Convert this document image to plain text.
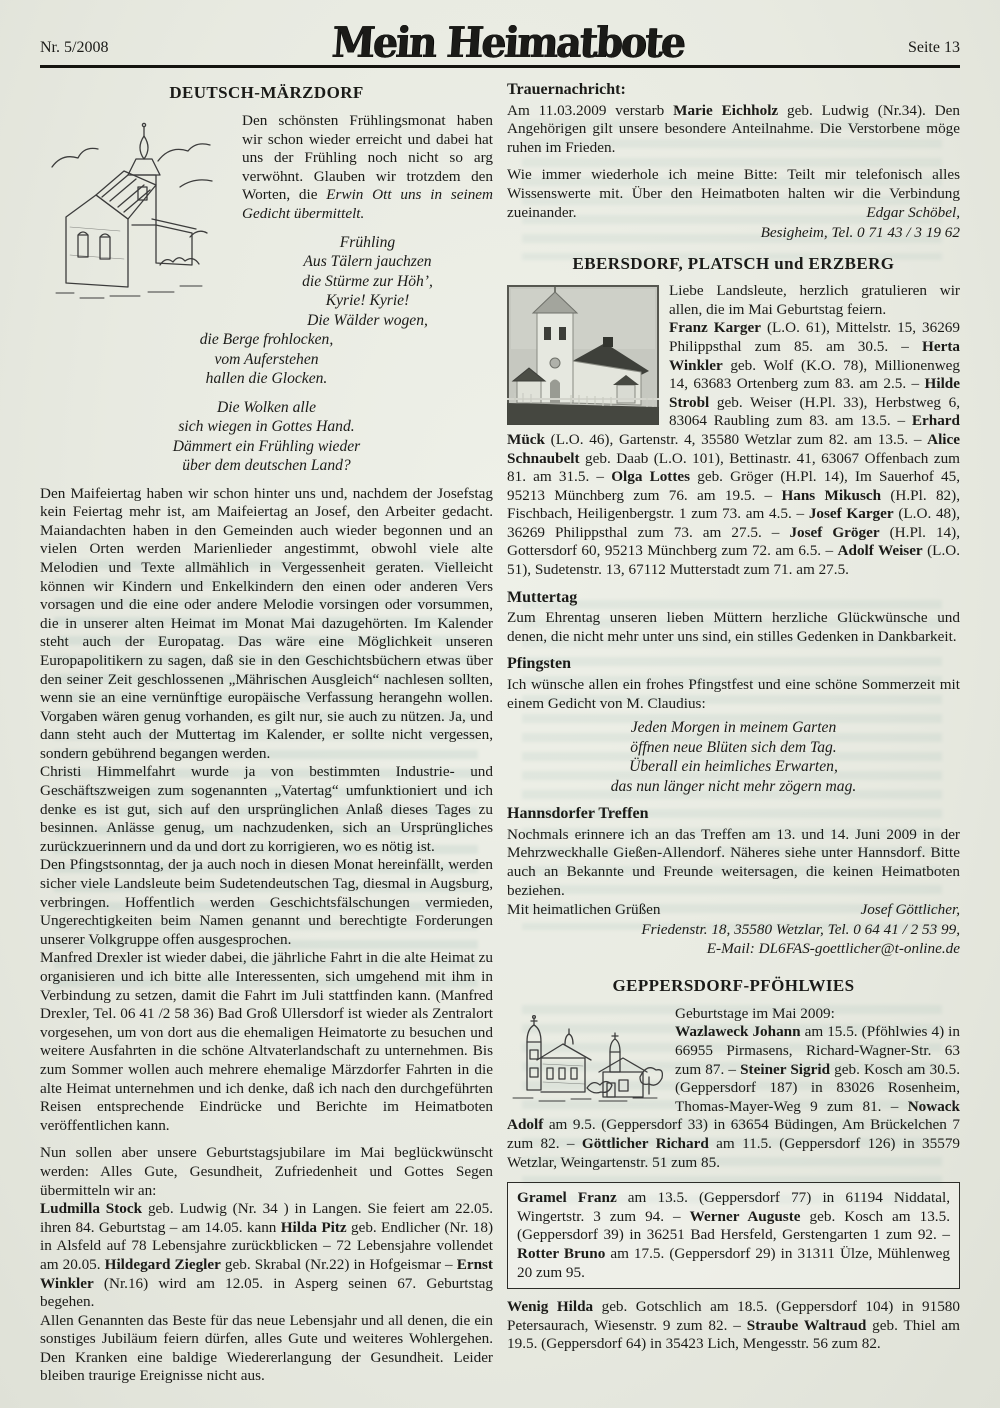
Nr. 5/2008	Mein Heimatbote	Seite 13
DEUTSCH-MÄRZDORF

Den schönsten Frühlingsmonat haben wir schon wieder erreicht und dabei hat uns der Frühling noch nicht so arg verwöhnt. Glauben wir trotzdem den Worten, die Erwin Ott uns in seinem Gedicht übermittelt.

Frühling
Aus Tälern jauchzen
die Stürme zur Höh’,
Kyrie! Kyrie!
Die Wälder wogen,
die Berge frohlocken,
vom Auferstehen
hallen die Glocken.
Die Wolken alle
sich wiegen in Gottes Hand.
Dämmert ein Frühling wieder
über dem deutschen Land?

Den Maifeiertag haben wir schon hinter uns und, nachdem der Josefstag kein Feiertag mehr ist, am Maifeiertag an Josef, den Arbeiter gedacht. Maiandachten haben in den Gemeinden auch wieder begonnen und an vielen Orten werden Marienlieder angestimmt, obwohl viele alte Melodien und Texte allmählich in Vergessenheit geraten. Vielleicht können wir Kindern und Enkelkindern den einen oder anderen Vers vorsagen und die eine oder andere Melodie vorsingen oder vorsummen, die in unserer alten Heimat im Monat Mai dazugehörten. Im Kalender steht auch der Europatag. Das wäre eine Möglichkeit unseren Europapolitikern zu sagen, daß sie in den Geschichtsbüchern etwas über den seiner Zeit geschlossenen „Mährischen Ausgleich“ nachlesen sollten, wenn sie an eine vernünftige europäische Verfassung herangehn wollen. Vorgaben wären genug vorhanden, es gilt nur, sie auch zu nützen. Ja, und dann steht auch der Muttertag im Kalender, er sollte nicht vergessen, sondern gebührend begangen werden.

Christi Himmelfahrt wurde ja von bestimmten Industrie- und Geschäftszweigen zum sogenannten „Vatertag“ umfunktioniert und ich denke es ist gut, sich auf den ursprünglichen Anlaß dieses Tages zu besinnen. Anlässe genug, um nachzudenken, sich an Ursprüngliches zurückzuerinnern und da und dort zu korrigieren, wo es nötig ist.

Den Pfingstsonntag, der ja auch noch in diesen Monat hereinfällt, werden sicher viele Landsleute beim Sudetendeutschen Tag, diesmal in Augsburg, verbringen. Hoffentlich werden Geschichtsfälschungen vermieden, Ungerechtigkeiten beim Namen genannt und berechtigte Forderungen unserer Volkgruppe offen ausgesprochen.

Manfred Drexler ist wieder dabei, die jährliche Fahrt in die alte Heimat zu organisieren und ich bitte alle Interessenten, sich umgehend mit ihm in Verbindung zu setzen, damit die Fahrt im Juli stattfinden kann. (Manfred Drexler, Tel. 06 41 /2 58 36) Bad Groß Ullersdorf ist wieder als Zentralort vorgesehen, um von dort aus die ehemaligen Heimatorte zu besuchen und weitere Ausfahrten in die schöne Altvaterlandschaft zu unternehmen. Bis zum Sommer wollen auch mehrere ehemalige Märzdorfer Fahrten in die alte Heimat unternehmen und ich denke, daß ich nach den durchgeführten Reisen entsprechende Eindrücke und Berichte im Heimatboten veröffentlichen kann.

Nun sollen aber unsere Geburtstagsjubilare im Mai beglückwünscht werden: Alles Gute, Gesundheit, Zufriedenheit und Gottes Segen übermitteln wir an:

Ludmilla Stock geb. Ludwig (Nr. 34 ) in Langen. Sie feiert am 22.05. ihren 84. Geburtstag – am 14.05. kann Hilda Pitz geb. Endlicher (Nr. 18) in Alsfeld auf 78 Lebensjahre zurückblicken – 72 Lebensjahre vollendet am 20.05. Hildegard Ziegler geb. Skrabal (Nr.22) in Hofgeismar – Ernst Winkler (Nr.16) wird am 12.05. in Asperg seinen 67. Geburtstag begehen.

Allen Genannten das Beste für das neue Lebensjahr und all denen, die ein sonstiges Jubiläum feiern dürfen, alles Gute und weiteres Wohlergehen. Den Kranken eine baldige Wiedererlangung der Gesundheit. Leider bleiben traurige Ereignisse nicht aus.

Trauernachricht:

Am 11.03.2009 verstarb Marie Eichholz geb. Ludwig (Nr.34). Den Angehörigen gilt unsere besondere Anteilnahme. Die Verstorbene möge ruhen im Frieden.

Wie immer wiederhole ich meine Bitte: Teilt mir telefonisch alles Wissenswerte mit. Über den Heimatboten halten wir die Verbindung zueinander.	Edgar Schöbel,
Besigheim, Tel. 0 71 43 / 3 19 62
EBERSDORF, PLATSCH und ERZBERG

Liebe Landsleute, herzlich gratulieren wir allen, die im Mai Geburtstag feiern.

Franz Karger (L.O. 61), Mittelstr. 15, 36269 Philippsthal zum 85. am 30.5. – Herta Winkler geb. Wolf (K.O. 78), Millionenweg 14, 63683 Ortenberg zum 83. am 2.5. – Hilde Strobl geb. Weiser (H.Pl. 33), Herbstweg 6, 83064 Raubling zum 83. am 13.5. – Erhard Mück (L.O. 46), Gartenstr. 4, 35580 Wetzlar zum 82. am 13.5. – Alice Schnaubelt geb. Daab (L.O. 101), Bettinastr. 41, 63067 Offenbach zum 81. am 31.5. – Olga Lottes geb. Gröger (H.Pl. 14), Im Sauerhof 45, 95213 Münchberg zum 76. am 19.5. – Hans Mikusch (H.Pl. 82), Fischbach, Heiligenbergstr. 1 zum 73. am 4.5. – Josef Karger (L.O. 48), 36269 Philippsthal zum 73. am 27.5. – Josef Gröger (H.Pl. 14), Gottersdorf 60, 95213 Münchberg zum 72. am 6.5. – Adolf Weiser (L.O. 51), Sudetenstr. 13, 67112 Mutterstadt zum 71. am 27.5.

Muttertag

Zum Ehrentag unseren lieben Müttern herzliche Glückwünsche und denen, die nicht mehr unter uns sind, ein stilles Gedenken in Dankbarkeit.

Pfingsten

Ich wünsche allen ein frohes Pfingstfest und eine schöne Sommerzeit mit einem Gedicht von M. Claudius:

Jeden Morgen in meinem Garten
öffnen neue Blüten sich dem Tag.
Überall ein heimliches Erwarten,
das nun länger nicht mehr zögern mag.
Hannsdorfer Treffen

Nochmals erinnere ich an das Treffen am 13. und 14. Juni 2009 in der Mehrzweckhalle Gießen-Allendorf. Näheres siehe unter Hannsdorf. Bitte auch an Bekannte und Freunde weitersagen, die keinen Heimatboten beziehen.

Mit heimatlichen Grüßen	Josef Göttlicher,
Friedenstr. 18, 35580 Wetzlar, Tel. 0 64 41 / 2 53 99,
E-Mail: DL6FAS-goettlicher@t-online.de
GEPPERSDORF-PFÖHLWIES

Geburtstage im Mai 2009:

Wazlaweck Johann am 15.5. (Pföhlwies 4) in 66955 Pirmasens, Richard-Wagner-Str. 63 zum 87. – Steiner Sigrid geb. Kosch am 30.5. (Geppersdorf 187) in 83026 Rosenheim, Thomas-Mayer-Weg 9 zum 81. – Nowack Adolf am 9.5. (Geppersdorf 33) in 63654 Büdingen, Am Brückelchen 7 zum 82. – Göttlicher Richard am 11.5. (Geppersdorf 126) in 35579 Wetzlar, Weingartenstr. 51 zum 85.

Gramel Franz am 13.5. (Geppersdorf 77) in 61194 Niddatal, Wingertstr. 3 zum 94. – Werner Auguste geb. Kosch am 13.5. (Geppersdorf 39) in 36251 Bad Hersfeld, Gerstengarten 1 zum 92. – Rotter Bruno am 17.5. (Geppersdorf 29) in 31311 Ülze, Mühlenweg 20 zum 95.

Wenig Hilda geb. Gotschlich am 18.5. (Geppersdorf 104) in 91580 Petersaurach, Wiesenstr. 9 zum 82. – Straube Waltraud geb. Thiel am 19.5. (Geppersdorf 64) in 35423 Lich, Mengesstr. 56 zum 82.
